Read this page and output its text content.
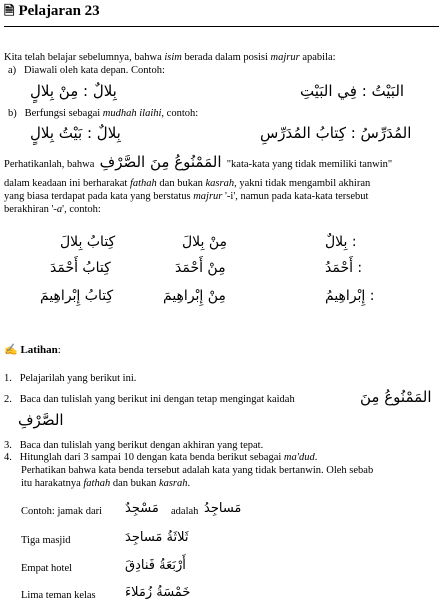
🗎 Pelajaran 23
Kita telah belajar sebelumnya, bahwa isim berada dalam posisi majrur apabila:
a) Diawali oleh kata depan. Contoh:
بِلالٌ : مِنْ بِلالٍ	البَيْتُ : فِي البَيْتِ
b) Berfungsi sebagai mudhah ilaihi, contoh:
بِلالٌ : بَيْتُ بِلالٍ	المُدَرِّسُ : كِتابُ المُدَرِّسِ
Perhatikanlah, bahwa المَمْنُوعُ مِنَ الصَّرْفِ "kata-kata yang tidak memiliki tanwin"
dalam keadaan ini berharakat fathah dan bukan kasrah, yakni tidak mengambil akhiran
yang biasa terdapat pada kata yang berstatus majrur '-i', namun pada kata-kata tersebut
berakhiran '-a', contoh:
كِتابُ بِلالَ	مِنْ بِلالَ	: بِلالٌ
كِتابُ أَحْمَدَ	مِنْ أَحْمَدَ	: أَحْمَدُ
كِتابُ إِبْراهِيمَ	مِنْ إِبْراهِيمَ	: إِبْراهِيمُ
✍ Latihan:
1. Pelajarilah yang berikut ini.
2. Baca dan tulislah yang berikut ini dengan tetap mengingat kaidah	المَمْنُوعُ مِنَ
الصَّرْفِ
3. Baca dan tulislah yang berikut dengan akhiran yang tepat.
4. Hitunglah dari 3 sampai 10 dengan kata benda berikut sebagai ma'dud.
Perhatikan bahwa kata benda tersebut adalah kata yang tidak bertanwin. Oleh sebab
itu harakatnya fathah dan bukan kasrah.
Contoh: jamak dari مَسْجِدٌ adalah مَساجِدُ
Tiga masjid	ثَلاثَةُ مَساجِدَ
Empat hotel	أَرْبَعَةُ فَنادِقَ
Lima teman kelas خَمْسَةُ زُمَلاءَ
